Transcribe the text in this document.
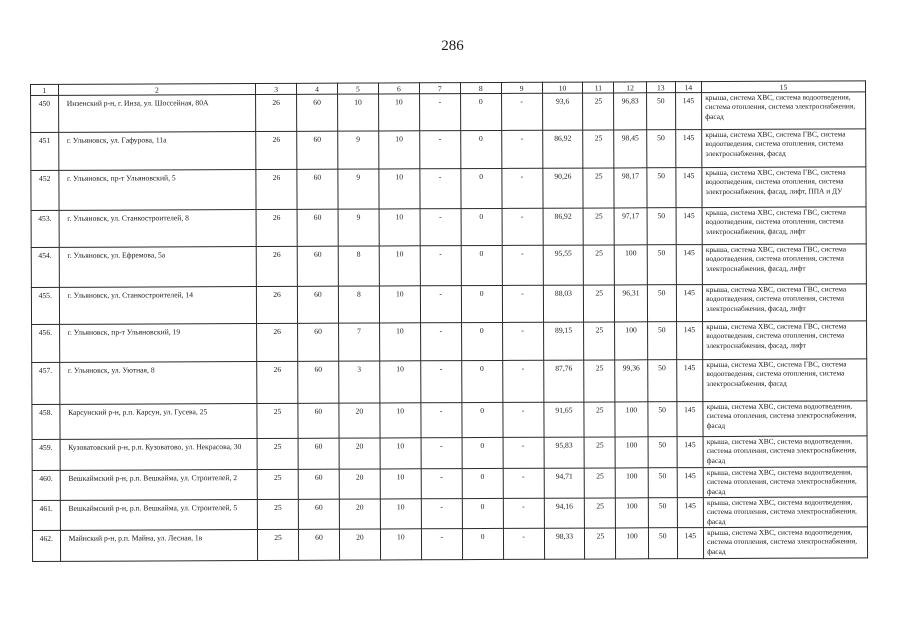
286
1	2	3	4	5	6	7	8	9	10	11	12	13	14	15
450	Инзенский р-н, г. Инза, ул. Шоссейная, 80А	26	60	10	10	-	0	-	93,6	25	96,83	50	145	крыша, система ХВС, система водоотведения, система отопления, система электроснабжения, фасад
451	г. Ульяновск, ул. Гафурова, 11а	26	60	9	10	-	0	-	86,92	25	98,45	50	145	крыша, система ХВС, система ГВС, система водоотведения, система отопления, система электроснабжения, фасад
452	г. Ульяновск, пр-т Ульяновский, 5	26	60	9	10	-	0	-	90,26	25	98,17	50	145	крыша, система ХВС, система ГВС, система водоотведения, система отопления, система электроснабжения, фасад, лифт, ППА и ДУ
453.	г. Ульяновск, ул. Станкостроителей, 8	26	60	9	10	-	0	-	86,92	25	97,17	50	145	крыша, система ХВС, система ГВС, система водоотведения, система отопления, система электроснабжения, фасад, лифт
454.	г. Ульяновск, ул. Ефремова, 5а	26	60	8	10	-	0	-	95,55	25	100	50	145	крыша, система ХВС, система ГВС, система водоотведения, система отопления, система электроснабжения, фасад, лифт
455.	г. Ульяновск, ул. Станкостроителей, 14	26	60	8	10	-	0	-	88,03	25	96,31	50	145	крыша, система ХВС, система ГВС, система водоотведения, система отопления, система электроснабжения, фасад, лифт
456.	г. Ульяновск, пр-т Ульяновский, 19	26	60	7	10	-	0	-	89,15	25	100	50	145	крыша, система ХВС, система ГВС, система водоотведения, система отопления, система электроснабжения, фасад, лифт
457.	г. Ульяновск, ул. Уютная, 8	26	60	3	10	-	0	-	87,76	25	99,36	50	145	крыша, система ХВС, система ГВС, система водоотведения, система отопления, система электроснабжения, фасад
458.	Карсунский р-н, р.п. Карсун, ул. Гусева, 25	25	60	20	10	-	0	-	91,65	25	100	50	145	крыша, система ХВС, система водоотведения, система отопления, система электроснабжения, фасад
459.	Кузоватовский р-н, р.п. Кузоватово, ул. Некрасова, 30	25	60	20	10	-	0	-	95,83	25	100	50	145	крыша, система ХВС, система водоотведения, система отопления, система электроснабжения, фасад
460.	Вешкаймский р-н, р.п. Вешкайма, ул. Строителей, 2	25	60	20	10	-	0	-	94,71	25	100	50	145	крыша, система ХВС, система водоотведения, система отопления, система электроснабжения, фасад
461.	Вешкаймский р-н, р.п. Вешкайма, ул. Строителей, 5	25	60	20	10	-	0	-	94,16	25	100	50	145	крыша, система ХВС, система водоотведения, система отопления, система электроснабжения, фасад
462.	Майнский р-н, р.п. Майна, ул. Лесная, 1в	25	60	20	10	-	0	-	98,33	25	100	50	145	крыша, система ХВС, система водоотведения, система отопления, система электроснабжения, фасад
